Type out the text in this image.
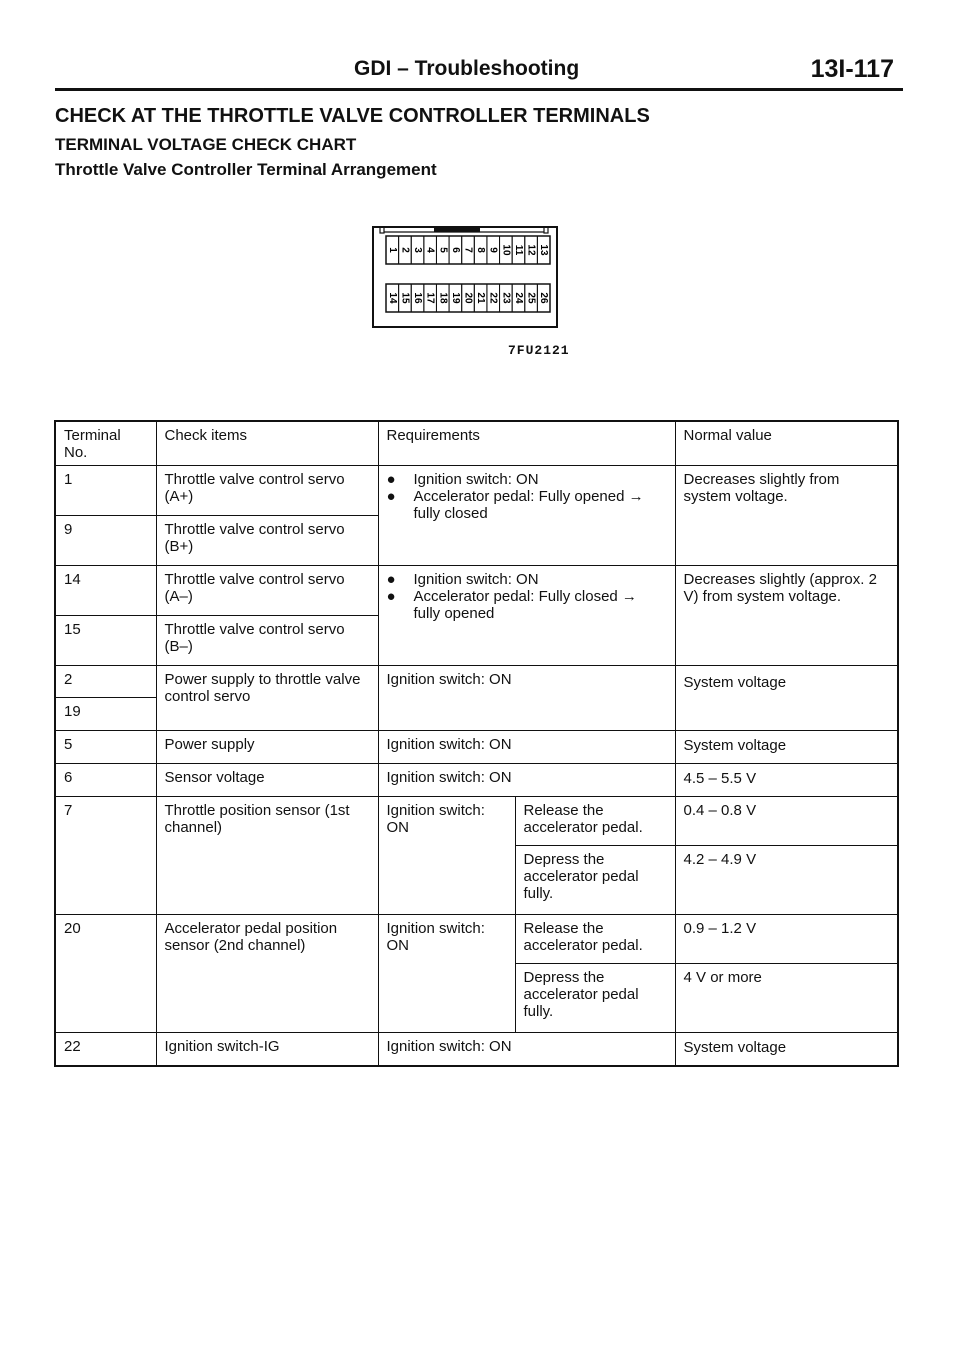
GDI – Troubleshooting	13I-117
CHECK AT THE THROTTLE VALVE CONTROLLER TERMINALS
TERMINAL VOLTAGE CHECK CHART
Throttle Valve Controller Terminal Arrangement
1 2 3 4 5 6 7 8 9 10 11 12 13
14 15 16 17 18 19 20 21 22 23 24 25 26
7FU2121
Terminal No.	Check items	Requirements		Normal value
1	Throttle valve control servo (A+)	● Ignition switch: ON
● Accelerator pedal: Fully opened → fully closed		Decreases slightly from system voltage.
9	Throttle valve control servo (B+)			
14	Throttle valve control servo (A–)	● Ignition switch: ON
● Accelerator pedal: Fully closed → fully opened		Decreases slightly (approx. 2 V) from system voltage.
15	Throttle valve control servo (B–)			
2	Power supply to throttle valve control servo	Ignition switch: ON		System voltage

19				
5	Power supply	Ignition switch: ON		System voltage

6	Sensor voltage	Ignition switch: ON		4.5 – 5.5 V

7	Throttle position sensor (1st channel)	Ignition switch: ON	Release the accelerator pedal.	0.4 – 0.8 V
			Depress the accelerator pedal fully.	4.2 – 4.9 V
20	Accelerator pedal position sensor (2nd channel)	Ignition switch: ON	Release the accelerator pedal.	0.9 – 1.2 V
			Depress the accelerator pedal fully.	4 V or more
22	Ignition switch-IG	Ignition switch: ON		System voltage
